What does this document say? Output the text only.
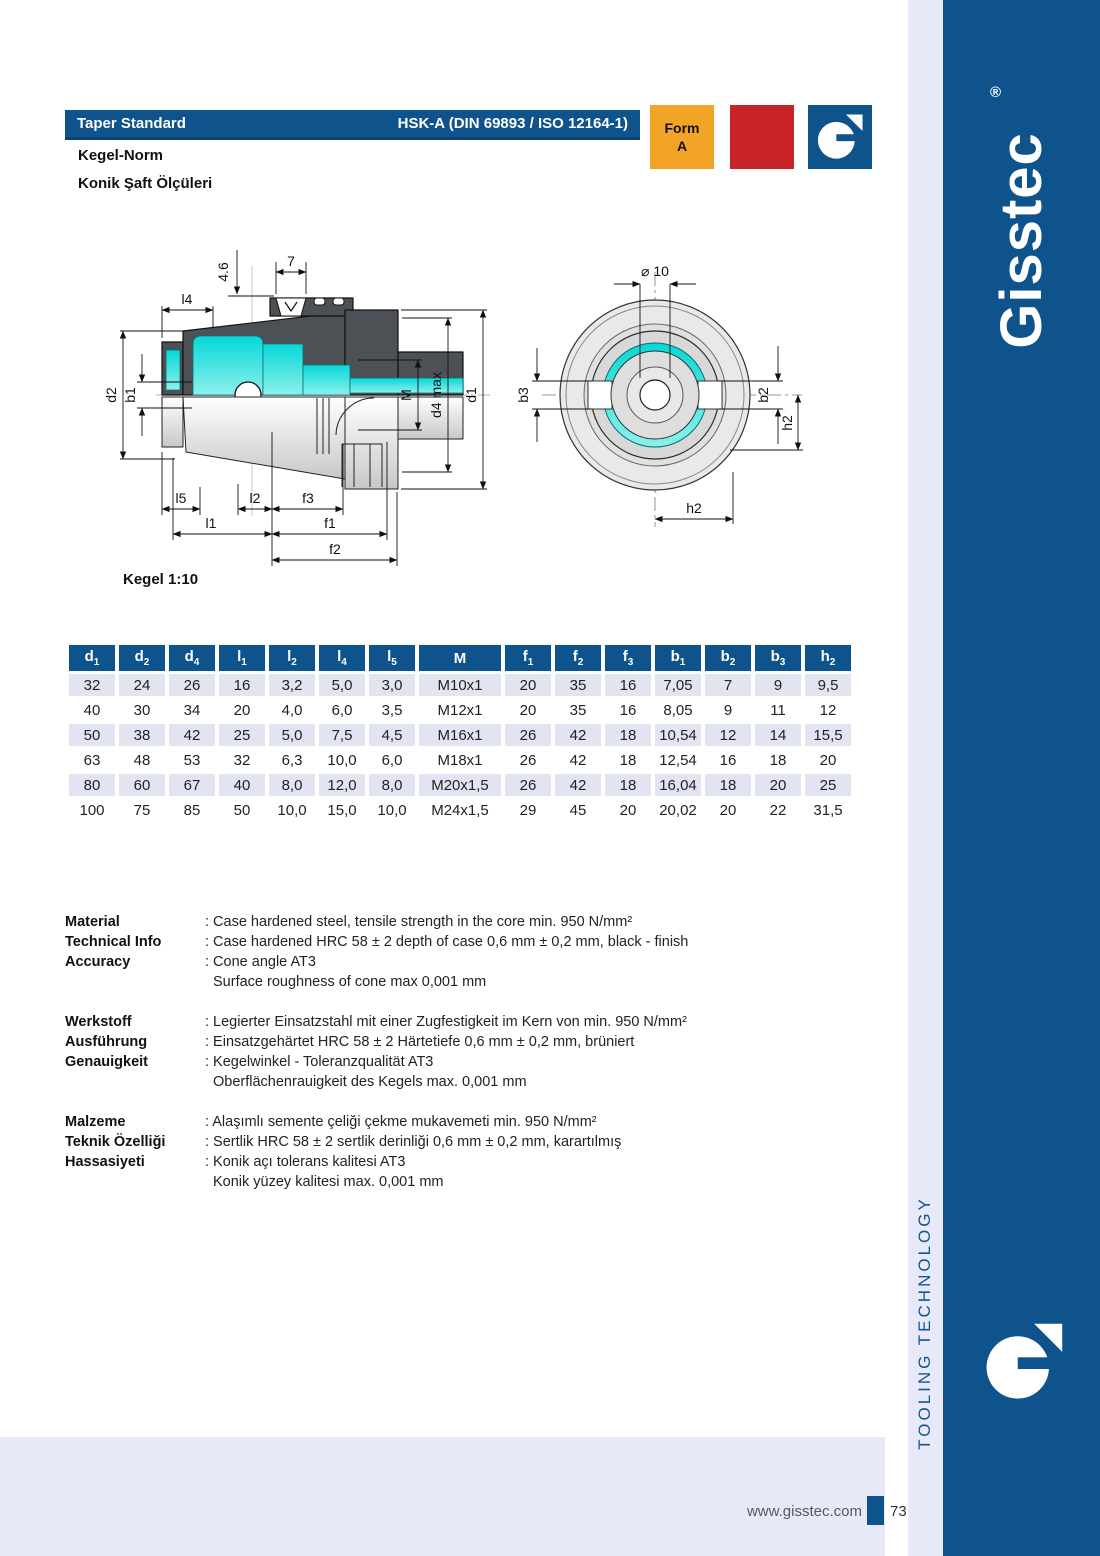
Taper Standard	HSK-A (DIN 69893 / ISO 12164-1)
Kegel-Norm
Konik Şaft Ölçüleri
Form
A
4.6
7
l4
d2 b1	M d4 max d1
l5	l2	f3
l1	f1
f2
Kegel 1:10
⌀ 10
b3	b2
h2
h2
$d_1$	$d_2$	$d_4$	$l_1$	$l_2$	$l_4$	$l_5$	M	$f_1$	$f_2$	$f_3$	$b_1$	$b_2$	$b_3$	$h_2$
32	24	26	16	3,2	5,0	3,0	M10x1	20	35	16	7,05	7	9	9,5
40	30	34	20	4,0	6,0	3,5	M12x1	20	35	16	8,05	9	11	12
50	38	42	25	5,0	7,5	4,5	M16x1	26	42	18	10,54	12	14	15,5
63	48	53	32	6,3	10,0	6,0	M18x1	26	42	18	12,54	16	18	20
80	60	67	40	8,0	12,0	8,0	M20x1,5	26	42	18	16,04	18	20	25
100	75	85	50	10,0	15,0	10,0	M24x1,5	29	45	20	20,02	20	22	31,5
Material	: Case hardened steel, tensile strength in the core min. 950 N/mm²
Technical Info	: Case hardened HRC 58 ± 2 depth of case 0,6 mm ± 0,2 mm, black - finish
Accuracy	: Cone angle AT3
Surface roughness of cone max 0,001 mm
Werkstoff	: Legierter Einsatzstahl mit einer Zugfestigkeit im Kern von min. 950 N/mm²
Ausführung	: Einsatzgehärtet HRC 58 ± 2 Härtetiefe 0,6 mm ± 0,2 mm, brüniert
Genauigkeit	: Kegelwinkel - Toleranzqualität AT3
Oberflächenrauigkeit des Kegels max. 0,001 mm
Malzeme	: Alaşımlı semente çeliği çekme mukavemeti min. 950 N/mm²
Teknik Özelliği	: Sertlik HRC 58 ± 2 sertlik derinliği 0,6 mm ± 0,2 mm, karartılmış
Hassasiyeti	: Konik açı tolerans kalitesi AT3
Konik yüzey kalitesi max. 0,001 mm
Gisstec
®
TOOLING TECHNOLOGY
www.gisstec.com 73
